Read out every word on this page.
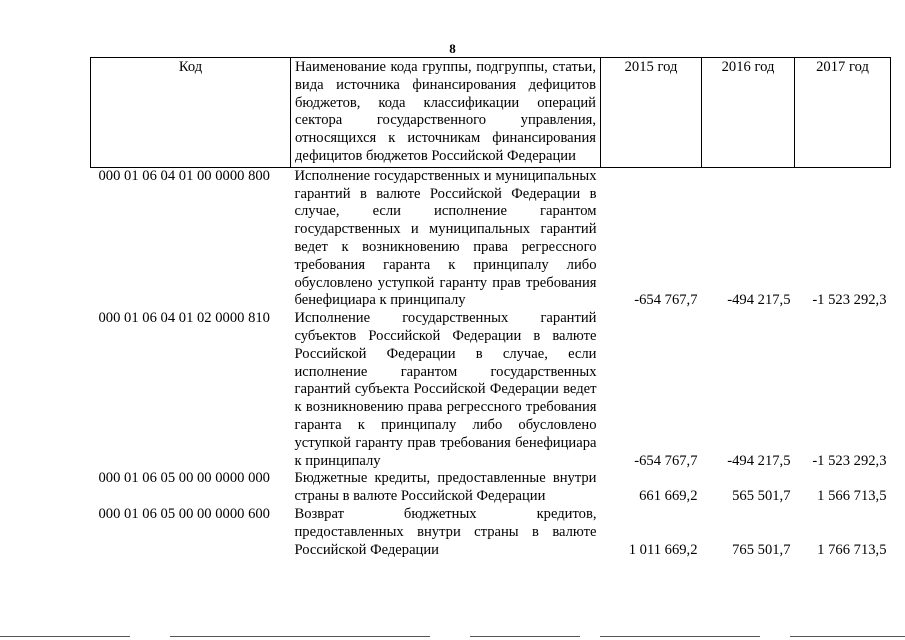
8
Код	Наименование кода группы, подгруппы, статьи, вида источника финансирования дефицитов бюджетов, кода классификации операций сектора государственного управления, относящихся к источникам финансирования дефицитов бюджетов Российской Федерации	2015 год	2016 год	2017 год
000 01 06 04 01 00 0000 800	Исполнение государственных и муниципальных гарантий в валюте Российской Федерации в случае, если исполнение гарантом государственных и муниципальных гарантий ведет к возникновению права регрессного требования гаранта к принципалу либо обусловлено уступкой гаранту прав требования бенефициара к принципалу	-654 767,7	-494 217,5	-1 523 292,3
000 01 06 04 01 02 0000 810	Исполнение государственных гарантий субъектов Российской Федерации в валюте Российской Федерации в случае, если исполнение гарантом государственных гарантий субъекта Российской Федерации ведет к возникновению права регрессного требования гаранта к принципалу либо обусловлено уступкой гаранту прав требования бенефициара к принципалу	-654 767,7	-494 217,5	-1 523 292,3
000 01 06 05 00 00 0000 000	Бюджетные кредиты, предоставленные внутри страны в валюте Российской Федерации	661 669,2	565 501,7	1 566 713,5
000 01 06 05 00 00 0000 600	Возврат бюджетных кредитов, предоставленных внутри страны в валюте Российской Федерации	1 011 669,2	765 501,7	1 766 713,5
